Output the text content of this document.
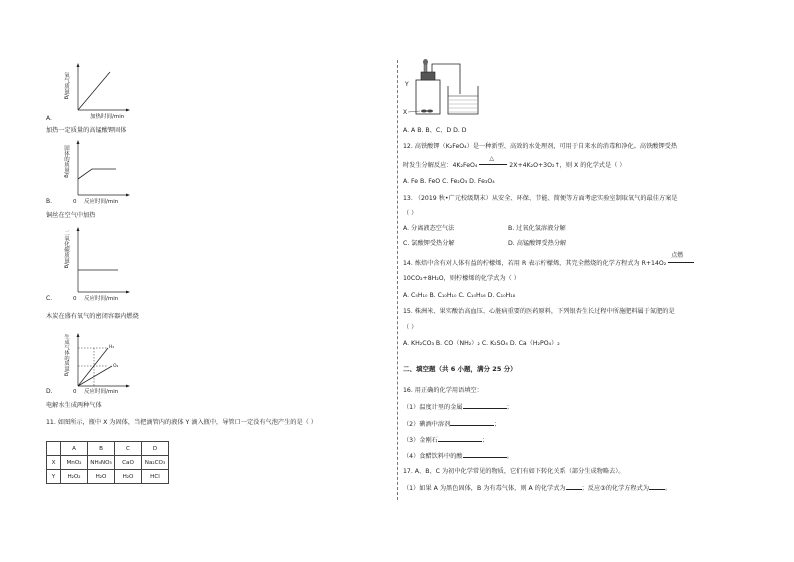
氧气质量/g
加热时间/min
A.
加热一定质量的高锰酸钾固体
固体的质量/g
0 反应时间/min
B.
铜丝在空气中加热
二氧化碳质量/g
0 反应时间/min
C.
木炭在盛有氧气的密闭容器内燃烧
H₂
O₂
生成气体的质量/g
0 反应时间/min
D.
电解水生成两种气体
11. 如图所示，瓶中 X 为固体，当把滴管内的液体 Y 滴入瓶中，导管口一定没有气泡产生的是（ ）
	A	B	C	D
X	MnO₂	NH₄NO₃	CaO	Na₂CO₃
Y	H₂O₂	H₂O	H₂O	HCl
Y
X
A. A B. B、C、D D. D
12. 高铁酸钾（K₂FeO₄）是一种新型、高效的水处理剂，可用于自来水的消毒和净化。高铁酸钾受热
时发生分解反应：4K₂FeO₄
△
2X+4K₂O+3O₂↑，则 X 的化学式是（ ）
A. Fe B. FeO C. Fe₂O₃ D. Fe₃O₄
13. （2019 秋•广元校级期末）从安全、环保、节能、简便等方面考虑实验室制取氧气的最佳方案是
（ ）
A. 分离液态空气法	B. 过氧化氢溶液分解
C. 氯酸钾受热分解	D. 高锰酸钾受热分解
14. 炼焙中含有对人体有益的柠檬烯，若用 R 表示柠檬烯，其完全燃烧的化学方程式为 R+14O₂
点燃
10CO₂+8H₂O，则柠檬烯的化学式为（ ）
A. C₅H₁₀ B. C₁₀H₁₀ C. C₁₀H₁₆ D. C₁₀H₁₈
15. 株洲米、果实酸治高血压、心脏病重要的医药原料，下列银杏生长过程中所施肥料属于氮肥的是
（ ）
A. KH₂CO₃ B. CO（NH₂）₂ C. K₂SO₄ D. Ca（H₂PO₄）₂
二、填空题（共 6 小题，满分 25 分）
16. 用正确的化学用语填空：
（1）温度计里的金属	；
（2）碘酒中溶剂	；
（3）金刚石	；
（4）食醋饮料中的酸	。
17. A、B、C 为初中化学常见的物质，它们有如下转化关系（部分生成物略去）。
（1）如果 A 为黑色固体，B 为有毒气体，则 A 的化学式为	；反应③的化学方程式为	。
